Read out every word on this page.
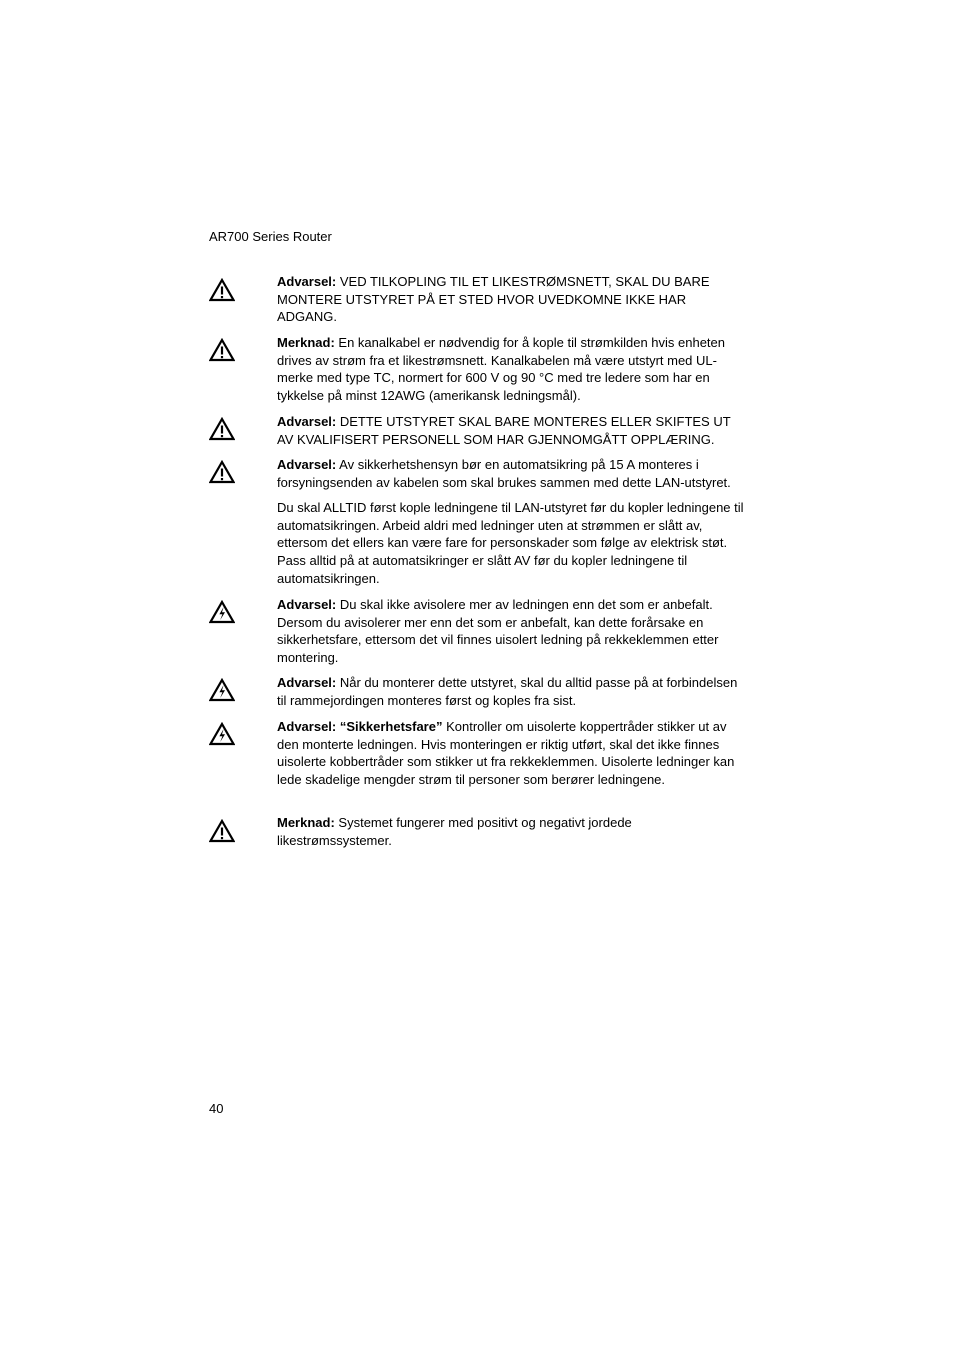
AR700 Series Router

Advarsel: VED TILKOPLING TIL ET LIKESTRØMSNETT, SKAL DU BARE MONTERE UTSTYRET PÅ ET STED HVOR UVEDKOMNE IKKE HAR ADGANG.

Merknad: En kanalkabel er nødvendig for å kople til strømkilden hvis enheten drives av strøm fra et likestrømsnett. Kanalkabelen må være utstyrt med UL-merke med type TC, normert for 600 V og 90 °C med tre ledere som har en tykkelse på minst 12AWG (amerikansk ledningsmål).

Advarsel: DETTE UTSTYRET SKAL BARE MONTERES ELLER SKIFTES UT AV KVALIFISERT PERSONELL SOM HAR GJENNOMGÅTT OPPLÆRING.

Advarsel: Av sikkerhetshensyn bør en automatsikring på 15 A monteres i forsyningsenden av kabelen som skal brukes sammen med dette LAN-utstyret.

Du skal ALLTID først kople ledningene til LAN-utstyret før du kopler ledningene til automatsikringen. Arbeid aldri med ledninger uten at strømmen er slått av, ettersom det ellers kan være fare for personskader som følge av elektrisk støt. Pass alltid på at automatsikringer er slått AV før du kopler ledningene til automatsikringen.

Advarsel: Du skal ikke avisolere mer av ledningen enn det som er anbefalt. Dersom du avisolerer mer enn det som er anbefalt, kan dette forårsake en sikkerhetsfare, ettersom det vil finnes uisolert ledning på rekkeklemmen etter montering.

Advarsel: Når du monterer dette utstyret, skal du alltid passe på at forbindelsen til rammejordingen monteres først og koples fra sist.

Advarsel: “Sikkerhetsfare” Kontroller om uisolerte koppertråder stikker ut av den monterte ledningen. Hvis monteringen er riktig utført, skal det ikke finnes uisolerte kobbertråder som stikker ut fra rekkeklemmen. Uisolerte ledninger kan lede skadelige mengder strøm til personer som berører ledningene.

Merknad: Systemet fungerer med positivt og negativt jordede likestrømssystemer.

40
